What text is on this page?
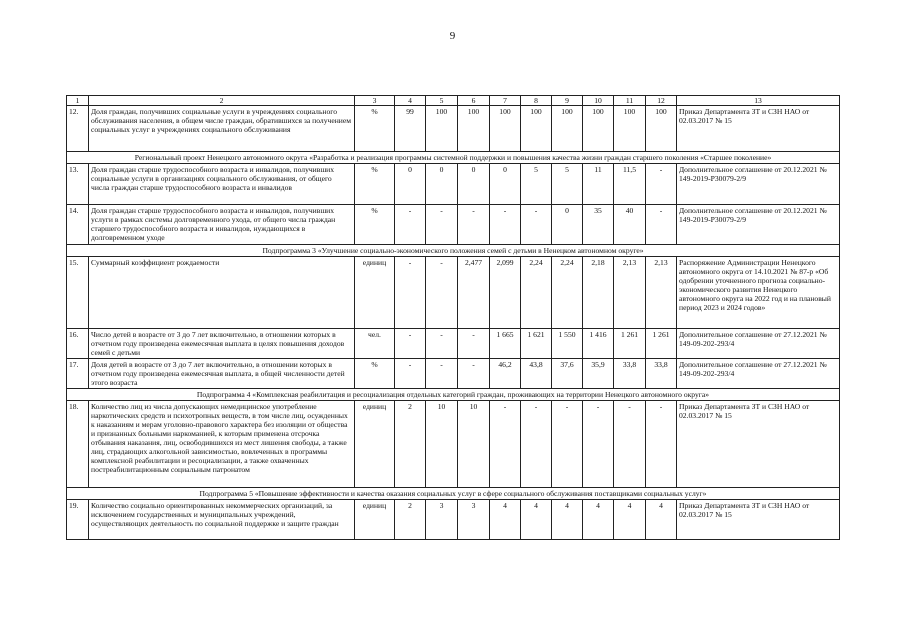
9
1	2	3	4	5	6	7	8	9	10	11	12	13
12.	Доля граждан, получивших социальные услуги в учреждениях социального обслуживания населения, в общем числе граждан, обратившихся за получением социальных услуг в учреждениях социального обслуживания	%	99	100	100	100	100	100	100	100	100	Приказ Департамента ЗТ и СЗН НАО от 02.03.2017 № 15
Региональный проект Ненецкого автономного округа «Разработка и реализация программы системной поддержки и повышения качества жизни граждан старшего поколения «Старшее поколение»												
13.	Доля граждан старше трудоспособного возраста и инвалидов, получивших социальные услуги в организациях социального обслуживания, от общего числа граждан старше трудоспособного возраста и инвалидов	%	0	0	0	0	5	5	11	11,5	-	Дополнительное соглашение от 20.12.2021 № 149-2019-Р30079-2/9
14.	Доля граждан старше трудоспособного возраста и инвалидов, получивших услуги в рамках системы долговременного ухода, от общего числа граждан старшего трудоспособного возраста и инвалидов, нуждающихся в долговременном уходе	%	-	-	-	-	-	0	35	40	-	Дополнительное соглашение от 20.12.2021 № 149-2019-Р30079-2/9
Подпрограмма 3 «Улучшение социально-экономического положения семей с детьми в Ненецком автономном округе»												
15.	Суммарный коэффициент рождаемости	единиц	-	-	2,477	2,099	2,24	2,24	2,18	2,13	2,13	Распоряжение Администрации Ненецкого автономного округа от 14.10.2021 № 87-р «Об одобрении уточненного прогноза социально-экономического развития Ненецкого автономного округа на 2022 год и на плановый период 2023 и 2024 годов»
16.	Число детей в возрасте от 3 до 7 лет включительно, в отношении которых в отчетном году произведена ежемесячная выплата в целях повышения доходов семей с детьми	чел.	-	-	-	1 665	1 621	1 550	1 416	1 261	1 261	Дополнительное соглашение от 27.12.2021 № 149-09-202-293/4
17.	Доля детей в возрасте от 3 до 7 лет включительно, в отношении которых в отчетном году произведена ежемесячная выплата, в общей численности детей этого возраста	%	-	-	-	46,2	43,8	37,6	35,9	33,8	33,8	Дополнительное соглашение от 27.12.2021 № 149-09-202-293/4
Подпрограмма 4 «Комплексная реабилитация и ресоциализация отдельных категорий граждан, проживающих на территории Ненецкого автономного округа»												
18.	Количество лиц из числа допускающих немедицинское употребление наркотических средств и психотропных веществ, в том числе лиц, осужденных к наказаниям и мерам уголовно-правового характера без изоляции от общества и признанных больными наркоманией, к которым применена отсрочка отбывания наказания, лиц, освободившихся из мест лишения свободы, а также лиц, страдающих алкогольной зависимостью, вовлеченных в программы комплексной реабилитации и ресоциализации, а также охваченных постреабилитационным социальным патронатом	единиц	2	10	10	-	-	-	-	-	-	Приказ Департамента ЗТ и СЗН НАО от 02.03.2017 № 15
Подпрограмма 5 «Повышение эффективности и качества оказания социальных услуг в сфере социального обслуживания поставщиками социальных услуг»												
19.	Количество социально ориентированных некоммерческих организаций, за исключением государственных и муниципальных учреждений, осуществляющих деятельность по социальной поддержке и защите граждан	единиц	2	3	3	4	4	4	4	4	4	Приказ Департамента ЗТ и СЗН НАО от 02.03.2017 № 15
